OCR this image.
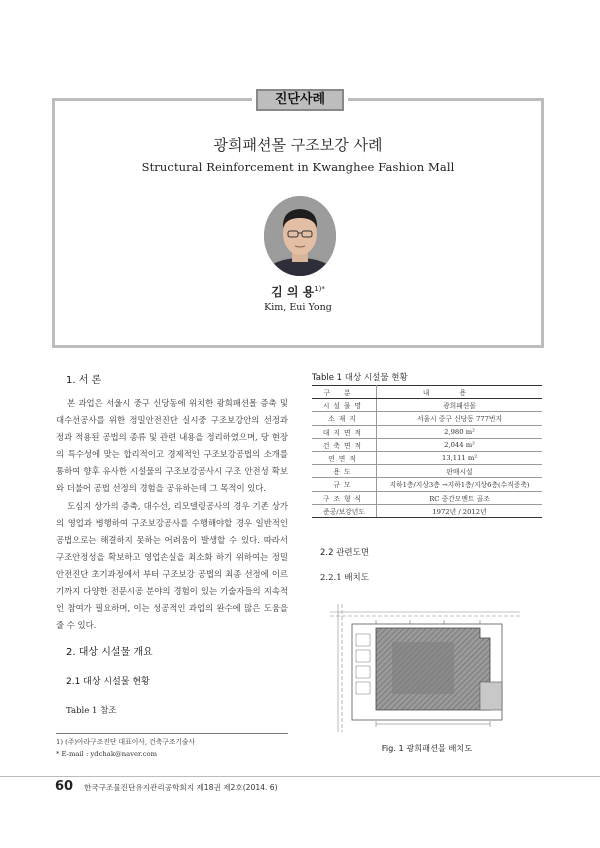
진단사례
광희패션몰 구조보강 사례
Structural Reinforcement in Kwanghee Fashion Mall
김 의 용$^{1)*}$
Kim, Eui Yong
1. 서 론

본 과업은 서울시 중구 신당동에 위치한 광희패션몰 증축 및 대수선공사를 위한 정밀안전진단 실시중 구조보강안의 선정과 정과 적용된 공법의 종류 및 관련 내용을 정리하였으며, 당 현장의 특수성에 맞는 합리적이고 경제적인 구조보강공법의 소개를 통하여 향후 유사한 시설물의 구조보강공사시 구조 안전성 확보와 더불어 공법 선정의 경험을 공유하는데 그 목적이 있다.

도심지 상가의 증축, 대수선, 리모델링공사의 경우 기존 상가의 영업과 병행하여 구조보강공사를 수행해야할 경우 일반적인 공법으로는 해결하지 못하는 어려움이 발생할 수 있다. 따라서 구조안정성을 확보하고 영업손실을 최소화 하기 위하여는 정밀안전진단 초기과정에서 부터 구조보강 공법의 최종 선정에 이르기까지 다양한 전문시공 분야의 경험이 있는 기술자들의 지속적인 참여가 필요하며, 이는 성공적인 과업의 완수에 많은 도움을 줄 수 있다.

2. 대상 시설물 개요
2.1 대상 시설물 현황
Table 1 참조
1) (주)아라구조진단 대표이사, 건축구조기술사
* E-mail : ydchak@naver.com
Table 1 대상 시설물 현황
구분	내용
시설물명	광희패션몰
소재지	서울시 중구 신당동 777번지
대지면적	2,980 m²
건축면적	2,044 m²
연면적	13,111 m²
용도	판매시설
규모	지하1층/지상3층 →지하1층/지상6층(수직증축)
구조형식	RC 중간모멘트 골조
준공/보강년도	1972년 / 2012년
2.2 관련도면
2.2.1 배치도
Fig. 1 광희패션몰 배치도
60 한국구조물진단유지관리공학회지 제18권 제2호(2014. 6)
